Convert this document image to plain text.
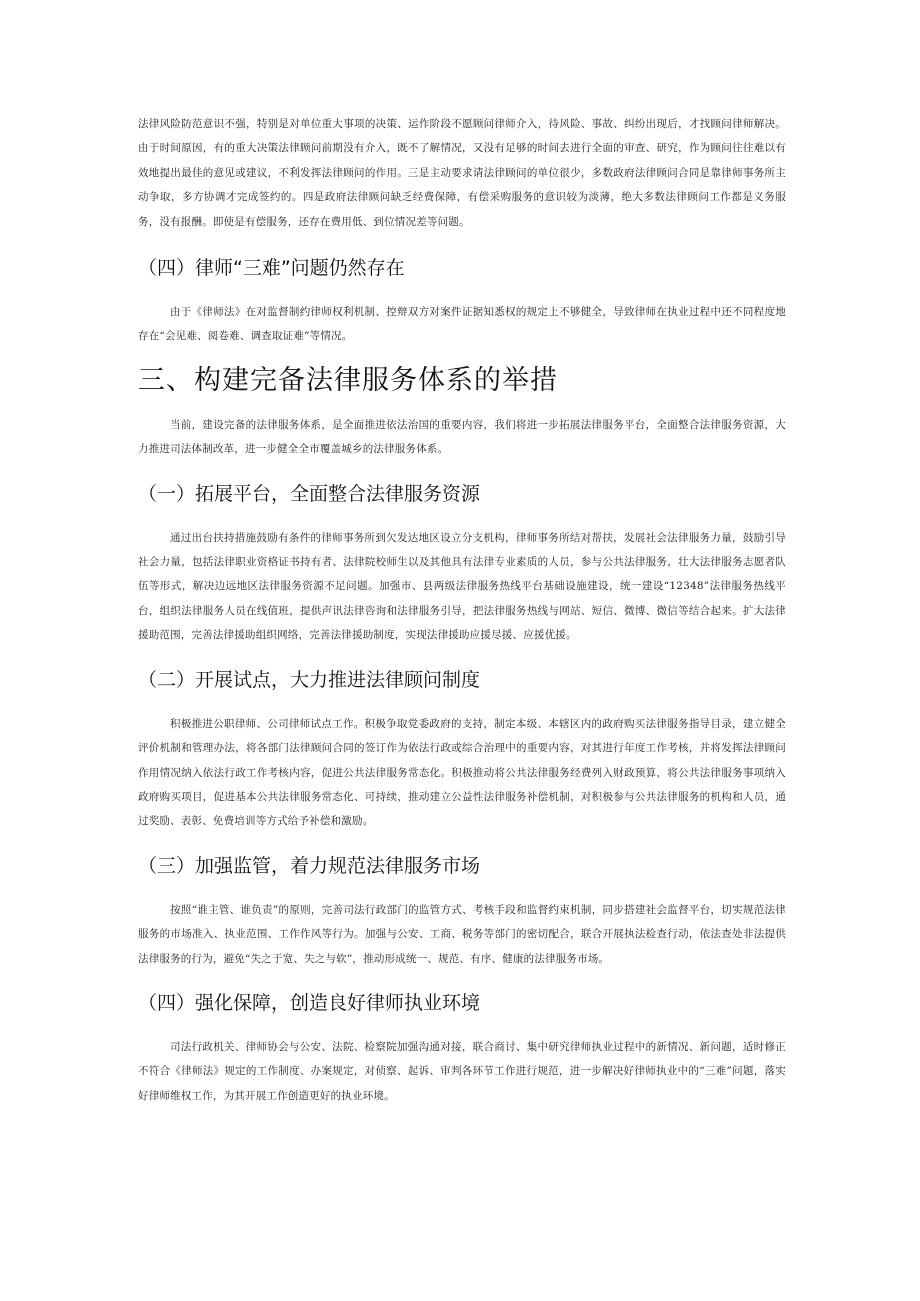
法律风险防范意识不强，特别是对单位重大事项的决策、运作阶段不愿顾问律师介入，待风险、事故、纠纷出现后，才找顾问律师解决。由于时间原因，有的重大决策法律顾问前期没有介入，既不了解情况，又没有足够的时间去进行全面的审查、研究，作为顾问往往难以有效地提出最佳的意见或建议，不利发挥法律顾问的作用。三是主动要求请法律顾问的单位很少，多数政府法律顾问合同是靠律师事务所主动争取，多方协调才完成签约的。四是政府法律顾问缺乏经费保障，有偿采购服务的意识较为淡薄，绝大多数法律顾问工作都是义务服务，没有报酬。即使是有偿服务，还存在费用低、到位情况差等问题。

（四）律师“三难”问题仍然存在

由于《律师法》在对监督制约律师权利机制、控辩双方对案件证据知悉权的规定上不够健全，导致律师在执业过程中还不同程度地存在“会见难、阅卷难、调查取证难”等情况。

三、构建完备法律服务体系的举措

当前，建设完备的法律服务体系，是全面推进依法治国的重要内容，我们将进一步拓展法律服务平台，全面整合法律服务资源，大力推进司法体制改革，进一步健全全市覆盖城乡的法律服务体系。

（一）拓展平台，全面整合法律服务资源

通过出台扶持措施鼓励有条件的律师事务所到欠发达地区设立分支机构，律师事务所结对帮扶，发展社会法律服务力量，鼓励引导社会力量，包括法律职业资格证书持有者、法律院校师生以及其他具有法律专业素质的人员，参与公共法律服务，壮大法律服务志愿者队伍等形式，解决边远地区法律服务资源不足问题。加强市、县两级法律服务热线平台基础设施建设，统一建设“12348”法律服务热线平台，组织法律服务人员在线值班，提供声讯法律咨询和法律服务引导，把法律服务热线与网站、短信、微博、微信等结合起来。扩大法律援助范围，完善法律援助组织网络，完善法律援助制度，实现法律援助应援尽援、应援优援。

（二）开展试点，大力推进法律顾问制度

积极推进公职律师、公司律师试点工作。积极争取党委政府的支持，制定本级、本辖区内的政府购买法律服务指导目录，建立健全评价机制和管理办法，将各部门法律顾问合同的签订作为依法行政或综合治理中的重要内容，对其进行年度工作考核，并将发挥法律顾问作用情况纳入依法行政工作考核内容，促进公共法律服务常态化。积极推动将公共法律服务经费列入财政预算，将公共法律服务事项纳入政府购买项目，促进基本公共法律服务常态化、可持续，推动建立公益性法律服务补偿机制，对积极参与公共法律服务的机构和人员，通过奖励、表彰、免费培训等方式给予补偿和激励。

（三）加强监管，着力规范法律服务市场

按照“谁主管、谁负责”的原则，完善司法行政部门的监管方式、考核手段和监督约束机制，同步搭建社会监督平台，切实规范法律服务的市场准入、执业范围、工作作风等行为。加强与公安、工商、税务等部门的密切配合，联合开展执法检查行动，依法查处非法提供法律服务的行为，避免“失之于宽、失之与软”，推动形成统一、规范、有序、健康的法律服务市场。

（四）强化保障，创造良好律师执业环境

司法行政机关、律师协会与公安、法院、检察院加强沟通对接，联合商讨、集中研究律师执业过程中的新情况、新问题，适时修正不符合《律师法》规定的工作制度、办案规定，对侦察、起诉、审判各环节工作进行规范，进一步解决好律师执业中的“三难”问题，落实好律师维权工作，为其开展工作创造更好的执业环境。
